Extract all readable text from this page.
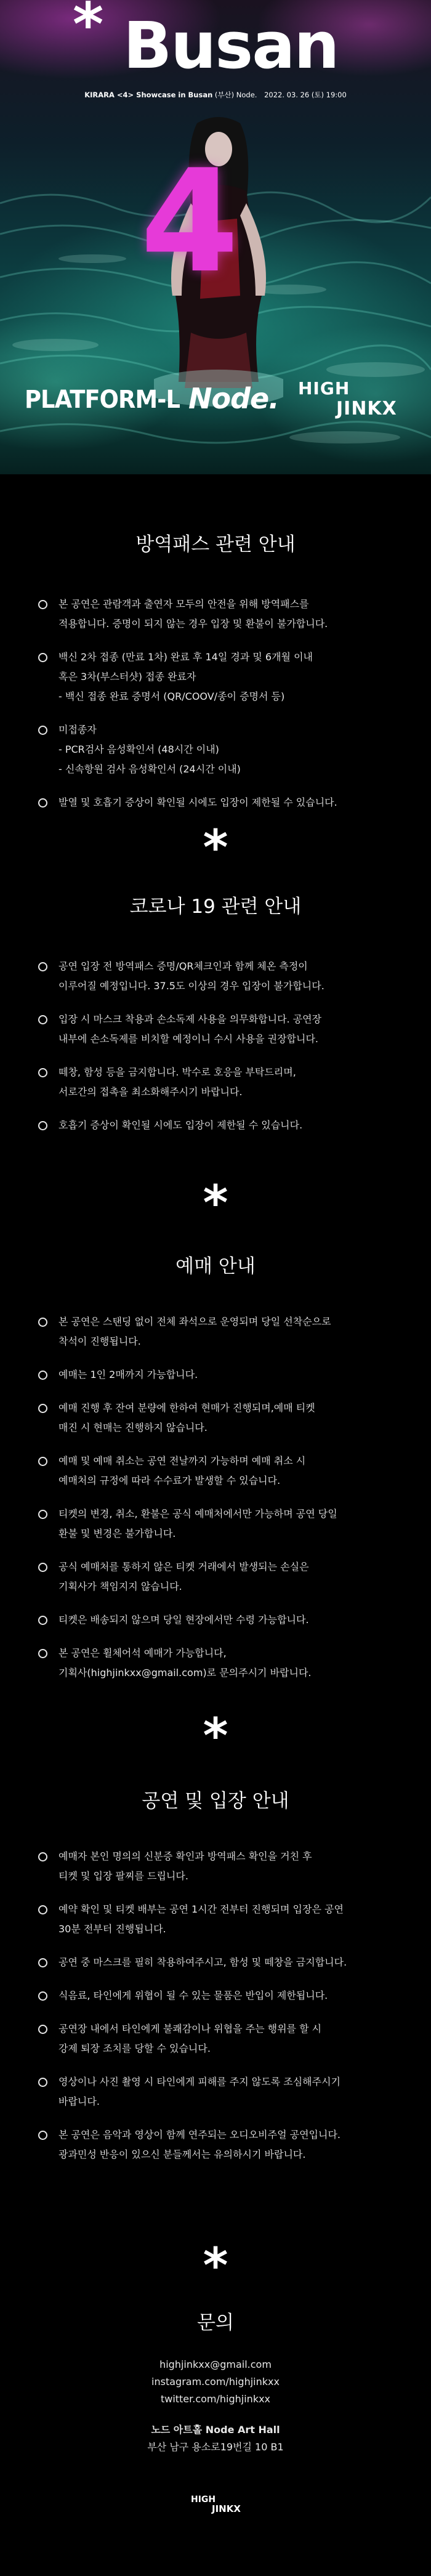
4
* Busan
KIRARA <4> Showcase in Busan (부산) Node. 2022. 03. 26 (토) 19:00
PLATFORM-L Node. HIGH
JINKX
방역패스 관련 안내
본 공연은 관람객과 출연자 모두의 안전을 위해 방역패스를
적용합니다. 증명이 되지 않는 경우 입장 및 환불이 불가합니다.
백신 2차 접종 (만료 1차) 완료 후 14일 경과 및 6개월 이내
혹은 3차(부스터샷) 접종 완료자
- 백신 접종 완료 증명서 (QR/COOV/종이 증명서 등)
미접종자
- PCR검사 음성확인서 (48시간 이내)
- 신속항원 검사 음성확인서 (24시간 이내)
발열 및 호흡기 증상이 확인될 시에도 입장이 제한될 수 있습니다.
*
코로나 19 관련 안내
공연 입장 전 방역패스 증명/QR체크인과 함께 체온 측정이
이루어질 예정입니다. 37.5도 이상의 경우 입장이 불가합니다.
입장 시 마스크 착용과 손소독제 사용을 의무화합니다. 공연장
내부에 손소독제를 비치할 예정이니 수시 사용을 권장합니다.
떼창, 함성 등을 금지합니다. 박수로 호응을 부탁드리며,
서로간의 접촉을 최소화해주시기 바랍니다.
호흡기 증상이 확인될 시에도 입장이 제한될 수 있습니다.
*
예매 안내
본 공연은 스탠딩 없이 전체 좌석으로 운영되며 당일 선착순으로
착석이 진행됩니다.
예매는 1인 2매까지 가능합니다.
예매 진행 후 잔여 분량에 한하여 현매가 진행되며,예매 티켓
매진 시 현매는 진행하지 않습니다.
예매 및 예매 취소는 공연 전날까지 가능하며 예매 취소 시
예매처의 규정에 따라 수수료가 발생할 수 있습니다.
티켓의 변경, 취소, 환불은 공식 예매처에서만 가능하며 공연 당일
환불 및 변경은 불가합니다.
공식 예매처를 통하지 않은 티켓 거래에서 발생되는 손실은
기획사가 책임지지 않습니다.
티켓은 배송되지 않으며 당일 현장에서만 수령 가능합니다.
본 공연은 휠체어석 예매가 가능합니다,
기획사(highjinkxx@gmail.com)로 문의주시기 바랍니다.
*
공연 및 입장 안내
예매자 본인 명의의 신분증 확인과 방역패스 확인을 거친 후
티켓 및 입장 팔찌를 드립니다.
예약 확인 및 티켓 배부는 공연 1시간 전부터 진행되며 입장은 공연
30분 전부터 진행됩니다.
공연 중 마스크를 필히 착용하여주시고, 함성 및 떼창을 금지합니다.
식음료, 타인에게 위협이 될 수 있는 물품은 반입이 제한됩니다.
공연장 내에서 타인에게 불쾌감이나 위협을 주는 행위를 할 시
강제 퇴장 조치를 당할 수 있습니다.
영상이나 사진 촬영 시 타인에게 피해를 주지 않도록 조심해주시기
바랍니다.
본 공연은 음악과 영상이 함께 연주되는 오디오비주얼 공연입니다.
광과민성 반응이 있으신 분들께서는 유의하시기 바랍니다.
*
문의
highjinkxx@gmail.com
instagram.com/highjinkxx
twitter.com/highjinkxx
노드 아트홀 Node Art Hall
부산 남구 용소로19번길 10 B1
HIGH
JINKX
